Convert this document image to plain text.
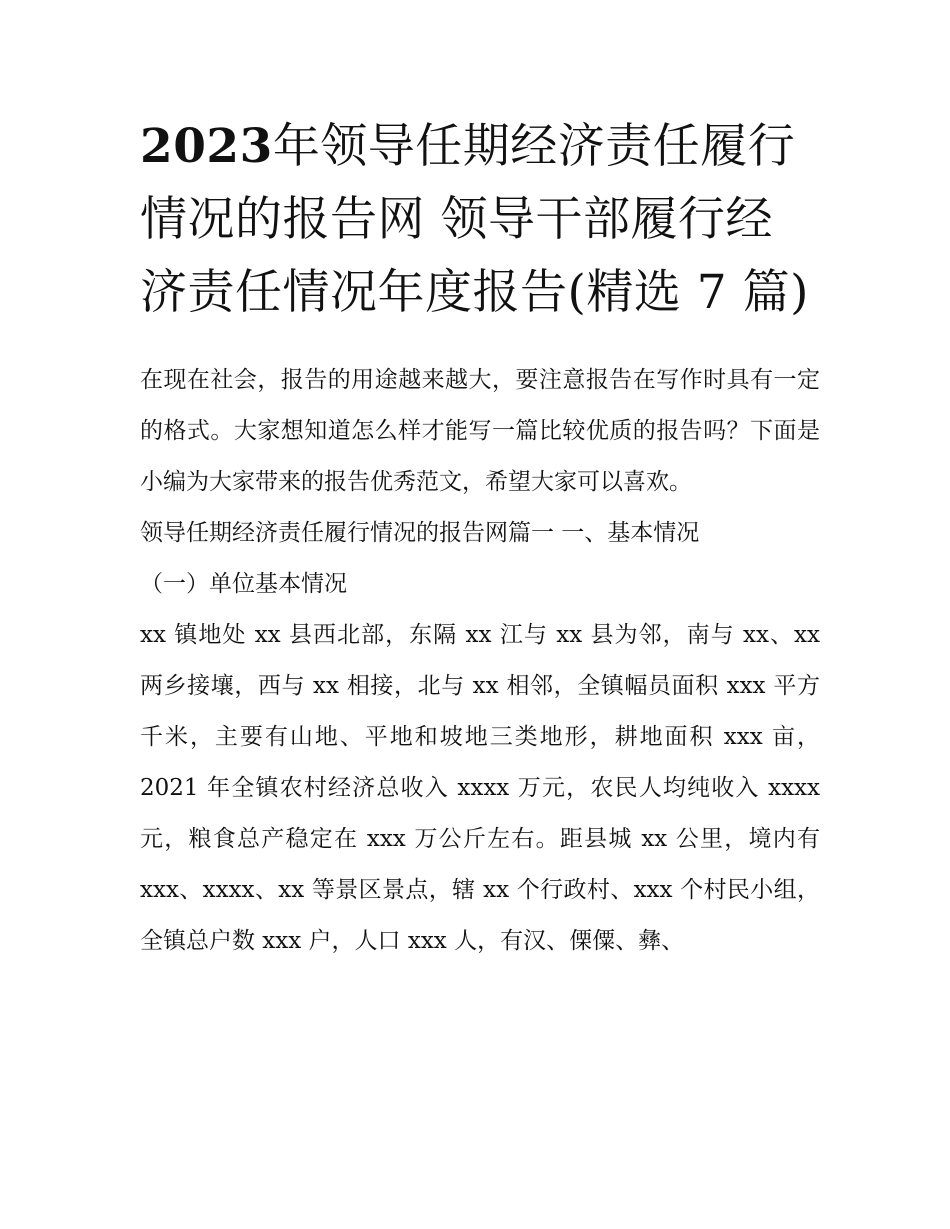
2023年领导任期经济责任履行情况的报告网 领导干部履行经济责任情况年度报告(精选 7 篇)

在现在社会，报告的用途越来越大，要注意报告在写作时具有一定的格式。大家想知道怎么样才能写一篇比较优质的报告吗？下面是小编为大家带来的报告优秀范文，希望大家可以喜欢。

领导任期经济责任履行情况的报告网篇一 一、基本情况

（一）单位基本情况

xx 镇地处 xx 县西北部，东隔 xx 江与 xx 县为邻，南与 xx、xx 两乡接壤，西与 xx 相接，北与 xx 相邻，全镇幅员面积 xxx 平方千米，主要有山地、平地和坡地三类地形，耕地面积 xxx 亩，2021 年全镇农村经济总收入 xxxx 万元，农民人均纯收入 xxxx 元，粮食总产稳定在 xxx 万公斤左右。距县城 xx 公里，境内有 xxx、xxxx、xx 等景区景点，辖 xx 个行政村、xxx 个村民小组，全镇总户数 xxx 户，人口 xxx 人，有汉、傈僳、彝、
